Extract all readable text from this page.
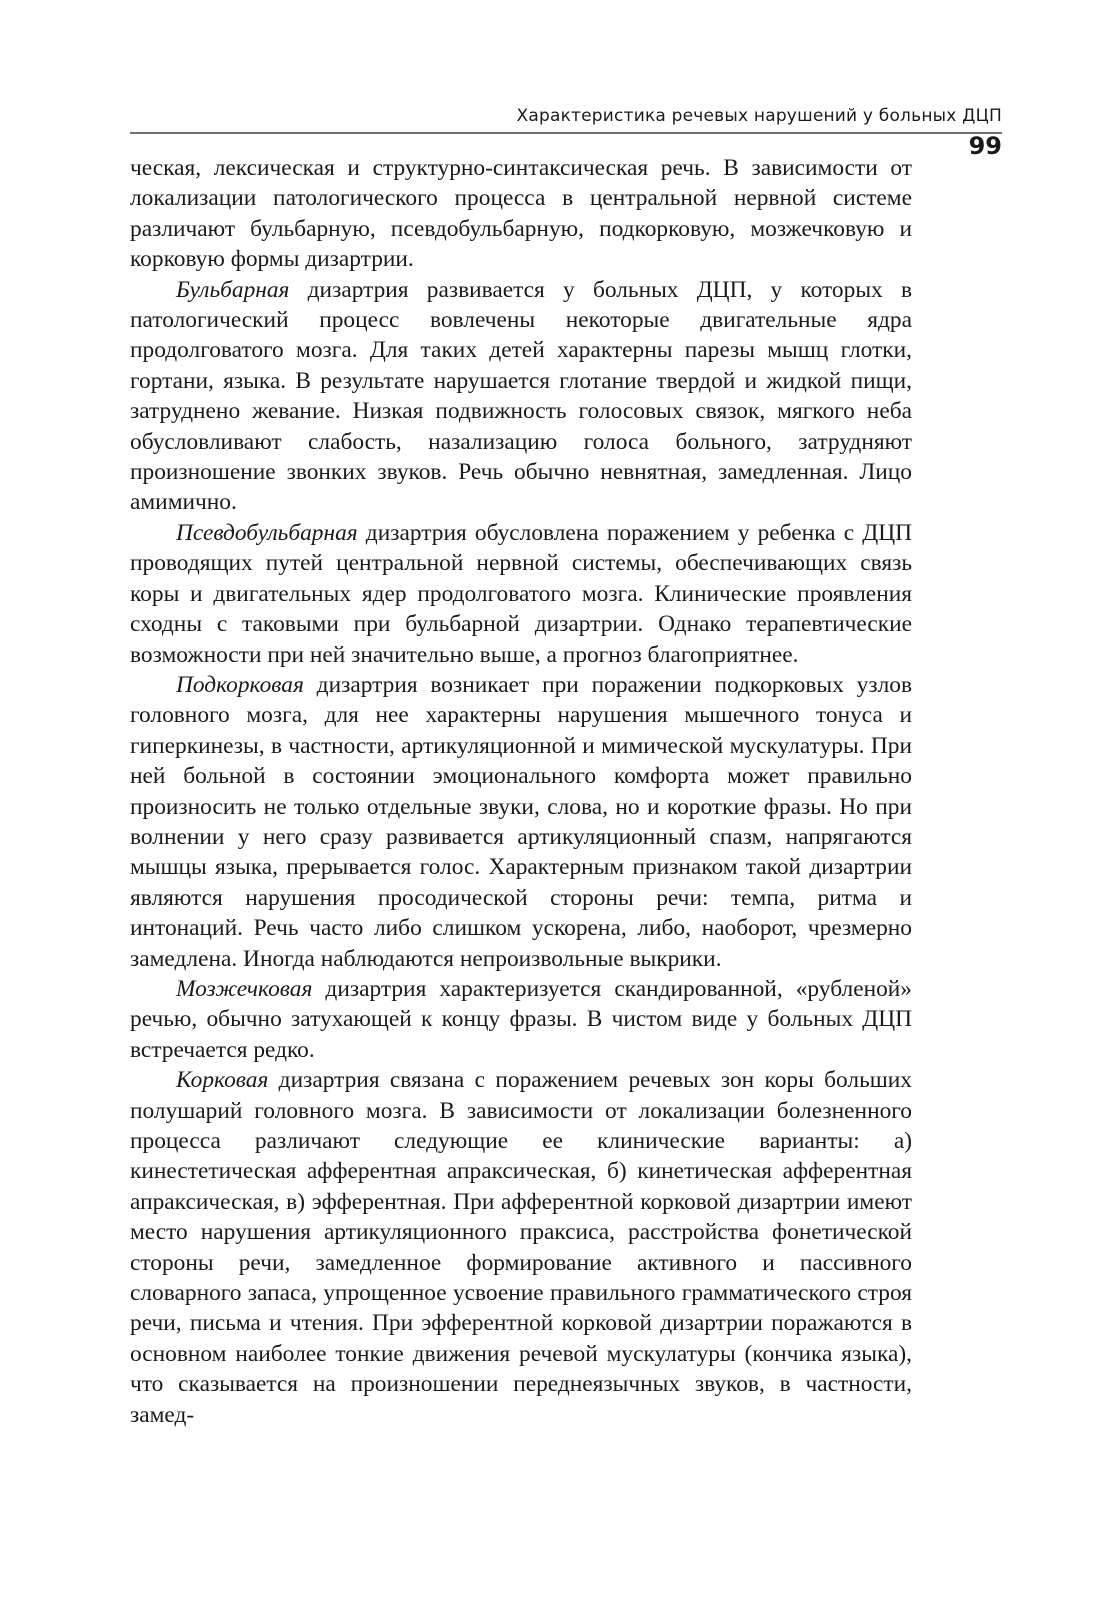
Характеристика речевых нарушений у больных ДЦП
99

ческая, лексическая и структурно-синтаксическая речь. В зависимости от локализации патологического процесса в центральной нервной системе различают бульбарную, псевдобульбарную, подкорковую, мозжечковую и корковую формы дизартрии.

Бульбарная дизартрия развивается у больных ДЦП, у которых в патологический процесс вовлечены некоторые двигательные ядра продолговатого мозга. Для таких детей характерны парезы мышц глотки, гортани, языка. В результате нарушается глотание твердой и жидкой пищи, затруднено жевание. Низкая подвижность голосовых связок, мягкого неба обусловливают слабость, назализацию голоса больного, затрудняют произношение звонких звуков. Речь обычно невнятная, замедленная. Лицо амимично.

Псевдобульбарная дизартрия обусловлена поражением у ребенка с ДЦП проводящих путей центральной нервной системы, обеспечивающих связь коры и двигательных ядер продолговатого мозга. Клинические проявления сходны с таковыми при бульбарной дизартрии. Однако терапевтические возможности при ней значительно выше, а прогноз благоприятнее.

Подкорковая дизартрия возникает при поражении подкорковых узлов головного мозга, для нее характерны нарушения мышечного тонуса и гиперкинезы, в частности, артикуляционной и мимической мускулатуры. При ней больной в состоянии эмоционального комфорта может правильно произносить не только отдельные звуки, слова, но и короткие фразы. Но при волнении у него сразу развивается артикуляционный спазм, напрягаются мышцы языка, прерывается голос. Характерным признаком такой дизартрии являются нарушения просодической стороны речи: темпа, ритма и интонаций. Речь часто либо слишком ускорена, либо, наоборот, чрезмерно замедлена. Иногда наблюдаются непроизвольные выкрики.

Мозжечковая дизартрия характеризуется скандированной, «рубленой» речью, обычно затухающей к концу фразы. В чистом виде у больных ДЦП встречается редко.

Корковая дизартрия связана с поражением речевых зон коры больших полушарий головного мозга. В зависимости от локализации болезненного процесса различают следующие ее клинические варианты: а) кинестетическая афферентная апраксическая, б) кинетическая афферентная апраксическая, в) эфферентная. При афферентной корковой дизартрии имеют место нарушения артикуляционного праксиса, расстройства фонетической стороны речи, замедленное формирование активного и пассивного словарного запаса, упрощенное усвоение правильного грамматического строя речи, письма и чтения. При эфферентной корковой дизартрии поражаются в основном наиболее тонкие движения речевой мускулатуры (кончика языка), что сказывается на произношении переднеязычных звуков, в частности, замед-
